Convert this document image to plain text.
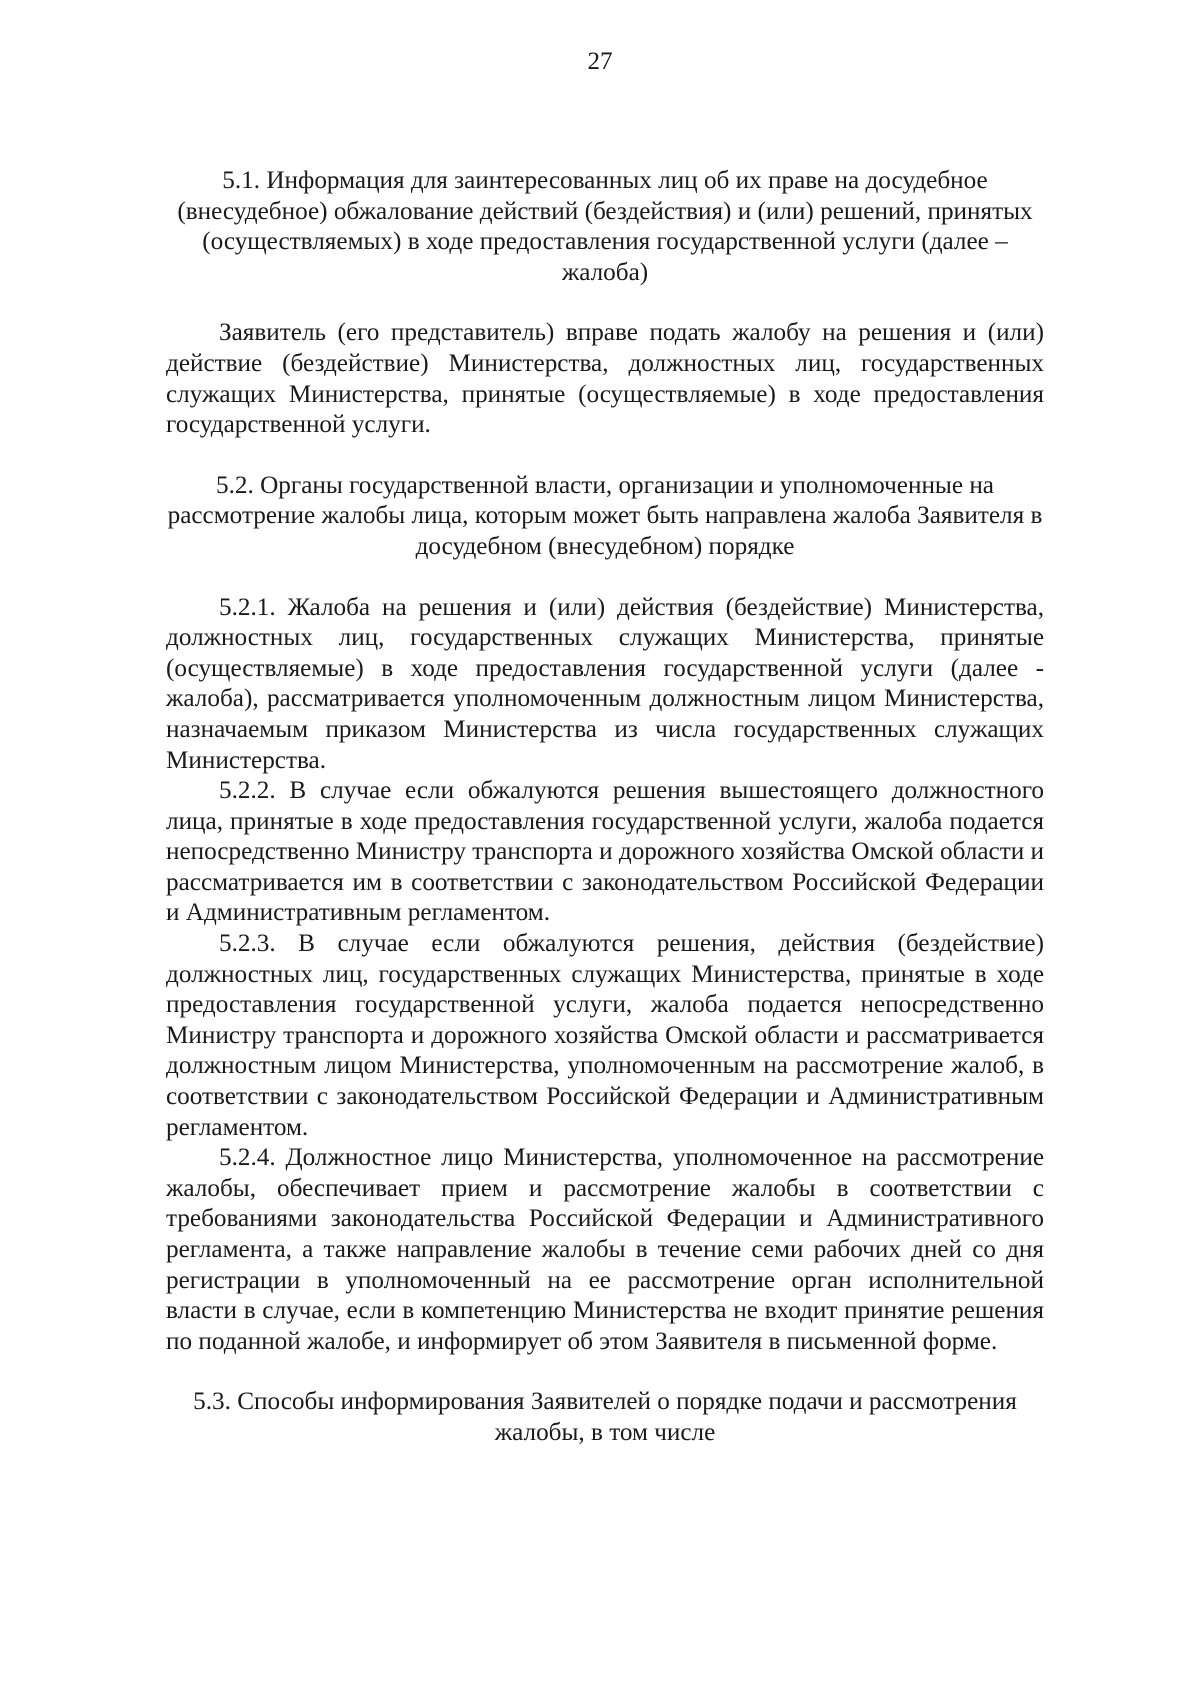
27

5.1. Информация для заинтересованных лиц об их праве на досудебное (внесудебное) обжалование действий (бездействия) и (или) решений, принятых (осуществляемых) в ходе предоставления государственной услуги (далее – жалоба)

Заявитель (его представитель) вправе подать жалобу на решения и (или) действие (бездействие) Министерства, должностных лиц, государственных служащих Министерства, принятые (осуществляемые) в ходе предоставления государственной услуги.

5.2. Органы государственной власти, организации и уполномоченные на рассмотрение жалобы лица, которым может быть направлена жалоба Заявителя в досудебном (внесудебном) порядке

5.2.1. Жалоба на решения и (или) действия (бездействие) Министерства, должностных лиц, государственных служащих Министерства, принятые (осуществляемые) в ходе предоставления государственной услуги (далее - жалоба), рассматривается уполномоченным должностным лицом Министерства, назначаемым приказом Министерства из числа государственных служащих Министерства.

5.2.2. В случае если обжалуются решения вышестоящего должностного лица, принятые в ходе предоставления государственной услуги, жалоба подается непосредственно Министру транспорта и дорожного хозяйства Омской области и рассматривается им в соответствии с законодательством Российской Федерации и Административным регламентом.

5.2.3. В случае если обжалуются решения, действия (бездействие) должностных лиц, государственных служащих Министерства, принятые в ходе предоставления государственной услуги, жалоба подается непосредственно Министру транспорта и дорожного хозяйства Омской области и рассматривается должностным лицом Министерства, уполномоченным на рассмотрение жалоб, в соответствии с законодательством Российской Федерации и Административным регламентом.

5.2.4. Должностное лицо Министерства, уполномоченное на рассмотрение жалобы, обеспечивает прием и рассмотрение жалобы в соответствии с требованиями законодательства Российской Федерации и Административного регламента, а также направление жалобы в течение семи рабочих дней со дня регистрации в уполномоченный на ее рассмотрение орган исполнительной власти в случае, если в компетенцию Министерства не входит принятие решения по поданной жалобе, и информирует об этом Заявителя в письменной форме.

5.3. Способы информирования Заявителей о порядке подачи и рассмотрения жалобы, в том числе
